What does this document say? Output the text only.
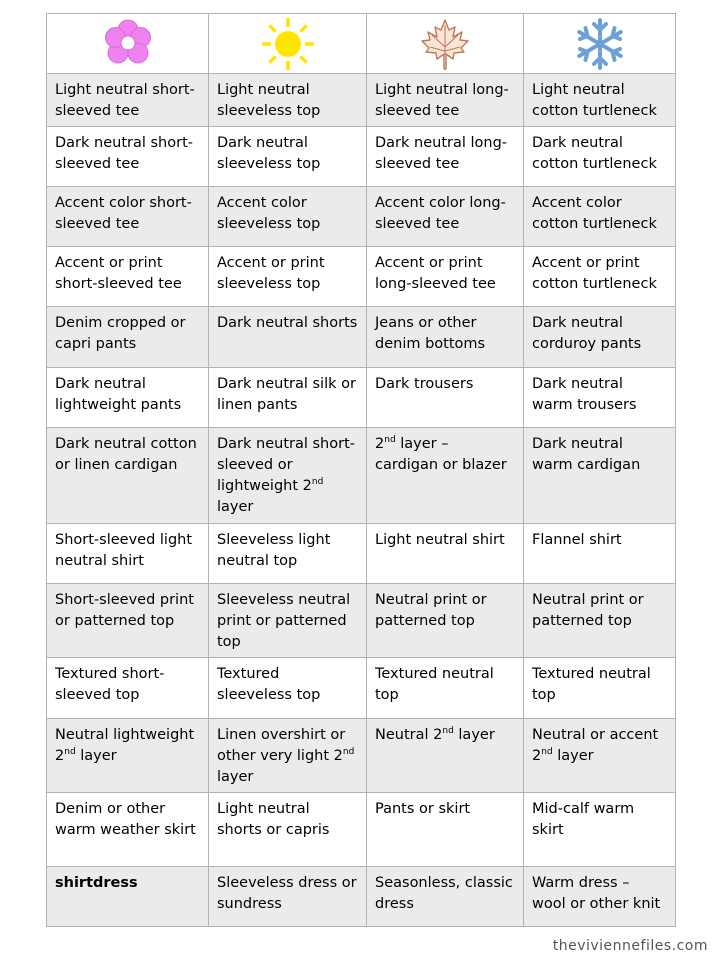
Light neutral short-sleeved tee	Light neutral sleeveless top	Light neutral long-sleeved tee	Light neutral cotton turtleneck
Dark neutral short-sleeved tee	Dark neutral sleeveless top	Dark neutral long-sleeved tee	Dark neutral cotton turtleneck
Accent color short-sleeved tee	Accent color sleeveless top	Accent color long-sleeved tee	Accent color cotton turtleneck
Accent or print short-sleeved tee	Accent or print sleeveless top	Accent or print long-sleeved tee	Accent or print cotton turtleneck
Denim cropped or capri pants	Dark neutral shorts	Jeans or other denim bottoms	Dark neutral corduroy pants
Dark neutral lightweight pants	Dark neutral silk or linen pants	Dark trousers	Dark neutral warm trousers
Dark neutral cotton or linen cardigan	Dark neutral short-sleeved or lightweight 2nd layer	2nd layer – cardigan or blazer	Dark neutral warm cardigan
Short-sleeved light neutral shirt	Sleeveless light neutral top	Light neutral shirt	Flannel shirt
Short-sleeved print or patterned top	Sleeveless neutral print or patterned top	Neutral print or patterned top	Neutral print or patterned top
Textured short-sleeved top	Textured sleeveless top	Textured neutral top	Textured neutral top
Neutral lightweight 2nd layer	Linen overshirt or other very light 2nd layer	Neutral 2nd layer	Neutral or accent 2nd layer
Denim or other warm weather skirt	Light neutral shorts or capris	Pants or skirt	Mid-calf warm skirt
shirtdress	Sleeveless dress or sundress	Seasonless, classic dress	Warm dress – wool or other knit
theviviennefiles.com
